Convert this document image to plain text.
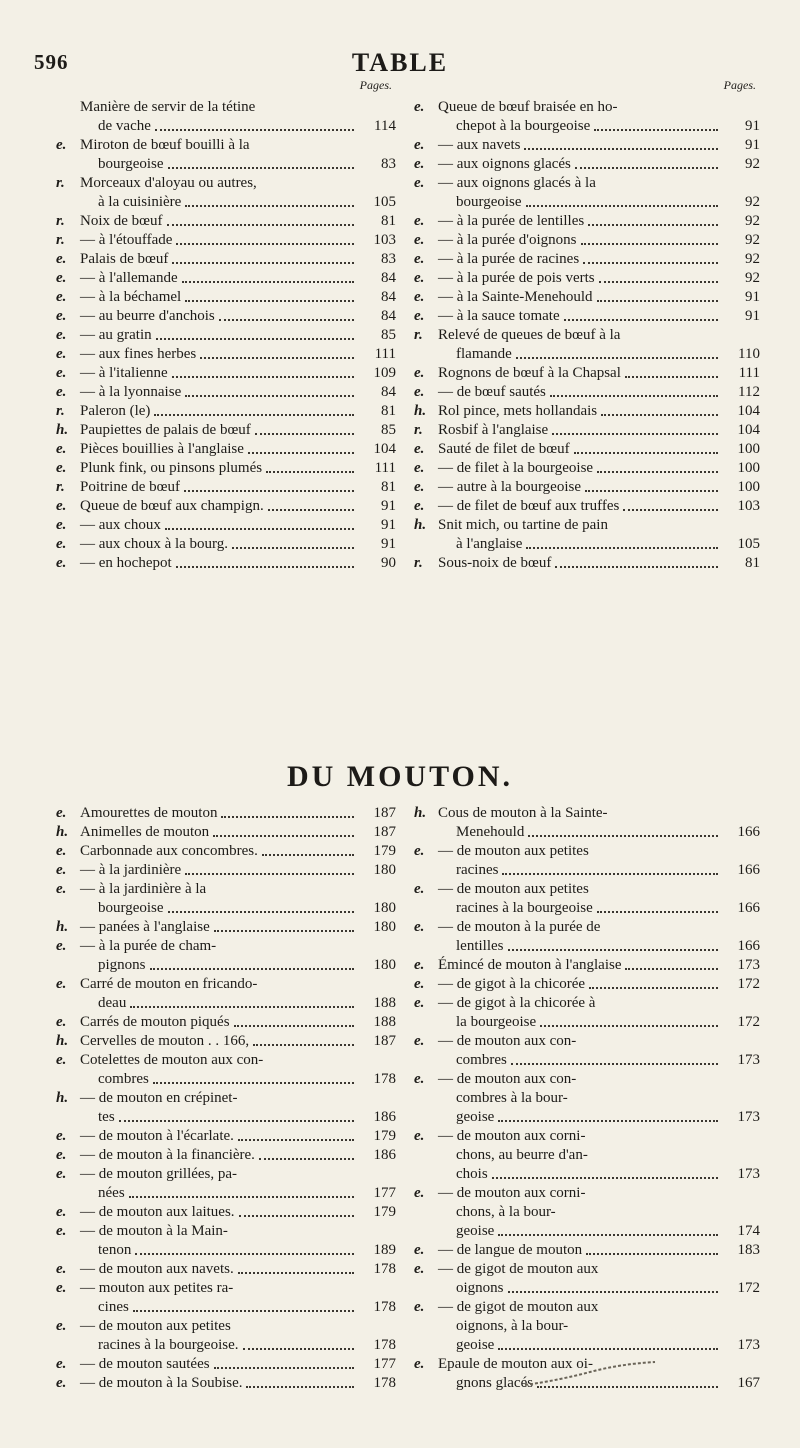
596	TABLE
Pages.
Manière de servir de la tétine
de vache	114
e. Miroton de bœuf bouilli à la
bourgeoise	83
r.	Morceaux d'aloyau ou autres,
à la cuisinière	105
r.	Noix de bœuf	81
r.	— à l'étouffade	103
e. Palais de bœuf	83
e. — à l'allemande	84
e. — à la béchamel	84
e. — au beurre d'anchois	84
e. — au gratin	85
e. — aux fines herbes	111
e. — à l'italienne	109
e. — à la lyonnaise	84
r.	Paleron (le)	81
h. Paupiettes de palais de bœuf	85
e. Pièces bouillies à l'anglaise	104
e. Plunk fink, ou pinsons plumés	111
r.	Poitrine de bœuf	81
e. Queue de bœuf aux champign.	91
e. — aux choux	91
e. — aux choux à la bourg.	91
e. — en hochepot	90
Pages.
e. Queue de bœuf braisée en ho-
chepot à la bourgeoise	91
e. — aux navets	91
e. — aux oignons glacés	92
e. — aux oignons glacés à la
bourgeoise	92
e. — à la purée de lentilles	92
e. — à la purée d'oignons	92
e. — à la purée de racines	92
e. — à la purée de pois verts	92
e. — à la Sainte-Menehould	91
e. — à la sauce tomate	91
r.	Relevé de queues de bœuf à la
flamande	110
e. Rognons de bœuf à la Chapsal	111
e. — de bœuf sautés	112
h. Rol pince, mets hollandais	104
r.	Rosbif à l'anglaise	104
e. Sauté de filet de bœuf	100
e. — de filet à la bourgeoise	100
e. — autre à la bourgeoise	100
e. — de filet de bœuf aux truffes	103
h. Snit mich, ou tartine de pain
à l'anglaise	105
r.	Sous-noix de bœuf	81
DU MOUTON.
e. Amourettes de mouton	187
h. Animelles de mouton	187
e. Carbonnade aux concombres.	179
e. — à la jardinière	180
e. — à la jardinière à la
bourgeoise	180
h. — panées à l'anglaise	180
e. — à la purée de cham-
pignons	180
e. Carré de mouton en fricando-
deau	188
e. Carrés de mouton piqués	188
h. Cervelles de mouton . . 166,	187
e. Cotelettes de mouton aux con-
combres	178
h. — de mouton en crépinet-
tes	186
e. — de mouton à l'écarlate.	179
e. — de mouton à la financière.	186
e. — de mouton grillées, pa-
nées	177
e. — de mouton aux laitues.	179
e. — de mouton à la Main-
tenon	189
e. — de mouton aux navets.	178
e. — mouton aux petites ra-
cines	178
e. — de mouton aux petites
racines à la bourgeoise.	178
e. — de mouton sautées	177
e. — de mouton à la Soubise.	178
h. Cous de mouton à la Sainte-
Menehould	166
e. — de mouton aux petites
racines	166
e. — de mouton aux petites
racines à la bourgeoise	166
e. — de mouton à la purée de
lentilles	166
e. Émincé de mouton à l'anglaise	173
e. — de gigot à la chicorée	172
e. — de gigot à la chicorée à
la bourgeoise	172
e. — de mouton aux con-
combres	173
e. — de mouton aux con-
combres à la bour-
geoise	173
e. — de mouton aux corni-
chons, au beurre d'an-
chois	173
e. — de mouton aux corni-
chons, à la bour-
geoise	174
e. — de langue de mouton	183
e. — de gigot de mouton aux
oignons	172
e. — de gigot de mouton aux
oignons, à la bour-
geoise	173
e. Epaule de mouton aux oi-
gnons glacés	167
